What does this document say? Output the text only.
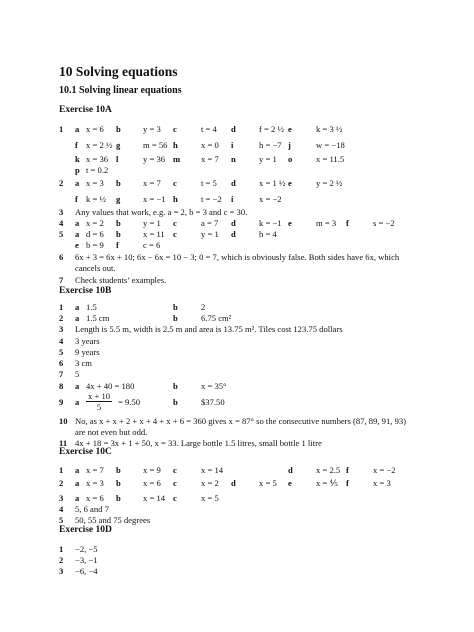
10 Solving equations
10.1 Solving linear equations
Exercise 10A
1 a x = 6 b	y = 3 c	t = 4 d	f = 2 ½ e	k = 3 ½
f x = 2 ½ g	m = 56 h	x = 0 i	h = −7 j	w = −18
k x = 36 l	y = 36 m x = 7 n	y = 1 o	x = 11.5
p t = 0.2
2 a x = 3 b	x = 7 c	t = 5 d	x = 1 ½ e	y = 2 ½
f k = ½ g	x = −1 h	t = −2 i	x = −2
3 Any values that work, e.g. a = 2, b = 3 and c = 30.
4 a x = 2 b	y = 1 c	a = 7 d	k = −1 e	m = 3 f	s = −2
5 a d = 6 b	x = 11 c	y = 1 d	h = 4
e b = 9 f	c = 6
6 6x + 3 = 6x + 10; 6x − 6x = 10 − 3; 0 = 7, which is obviously false. Both sides have 6x, which
cancels out.
7 Check students’ examples.
Exercise 10B
1 a 1.5	b	2
2 a 1.5 cm	b	6.75 cm²
3 Length is 5.5 m, width is 2.5 m and area is 13.75 m². Tiles cost 123.75 dollars
4 3 years
5 9 years
6 3 cm
7 5
8 a 4x + 40 = 180	b	x = 35°
9 a $\frac{x + 10}{5} = 9.50$	b	$37.50
10 No, as x + x + 2 + x + 4 + x + 6 = 360 gives x = 87° so the consecutive numbers (87, 89, 91, 93)
are not even but odd.
11 4x + 18 = 3x + 1 + 50, x = 33. Large bottle 1.5 litres, small bottle 1 litre
Exercise 10C
1 a x = 7 b	x = 9 c	x = 14	d	x = 2.5 f	x = −2
2 a x = 3 b	x = 6 c	x = 2 d	x = 5 e	x = ⅘ f	x = 3
3 a x = 6 b	x = 14 c	x = 5
4 5, 6 and 7
5 50, 55 and 75 degrees
Exercise 10D
1 −2, −5
2 −3, −1
3 −6, −4
